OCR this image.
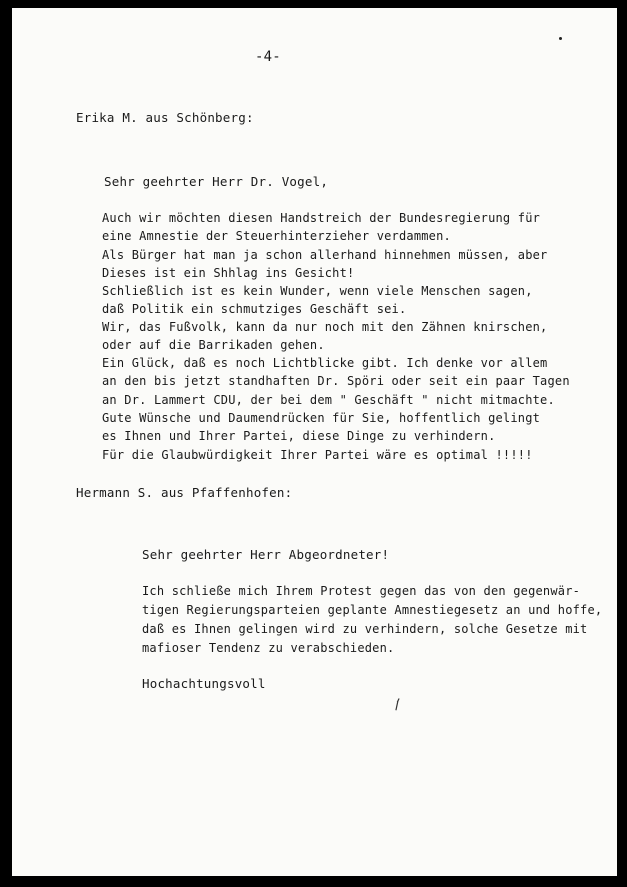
-4-
Erika M. aus Schönberg:
Sehr geehrter Herr Dr. Vogel,
Auch wir möchten diesen Handstreich der Bundesregierung für
eine Amnestie der Steuerhinterzieher verdammen.
Als Bürger hat man ja schon allerhand hinnehmen müssen, aber
Dieses ist ein Shhlag ins Gesicht!
Schließlich ist es kein Wunder, wenn viele Menschen sagen,
daß Politik ein schmutziges Geschäft sei.
Wir, das Fußvolk, kann da nur noch mit den Zähnen knirschen,
oder auf die Barrikaden gehen.
Ein Glück, daß es noch Lichtblicke gibt. Ich denke vor allem
an den bis jetzt standhaften Dr. Spöri oder seit ein paar Tagen
an Dr. Lammert CDU, der bei dem " Geschäft " nicht mitmachte.
Gute Wünsche und Daumendrücken für Sie, hoffentlich gelingt
es Ihnen und Ihrer Partei, diese Dinge zu verhindern.
Für die Glaubwürdigkeit Ihrer Partei wäre es optimal !!!!!
Hermann S. aus Pfaffenhofen:
Sehr geehrter Herr Abgeordneter!
Ich schließe mich Ihrem Protest gegen das von den gegenwär-
tigen Regierungsparteien geplante Amnestiegesetz an und hoffe,
daß es Ihnen gelingen wird zu verhindern, solche Gesetze mit
mafioser Tendenz zu verabschieden.
Hochachtungsvoll
